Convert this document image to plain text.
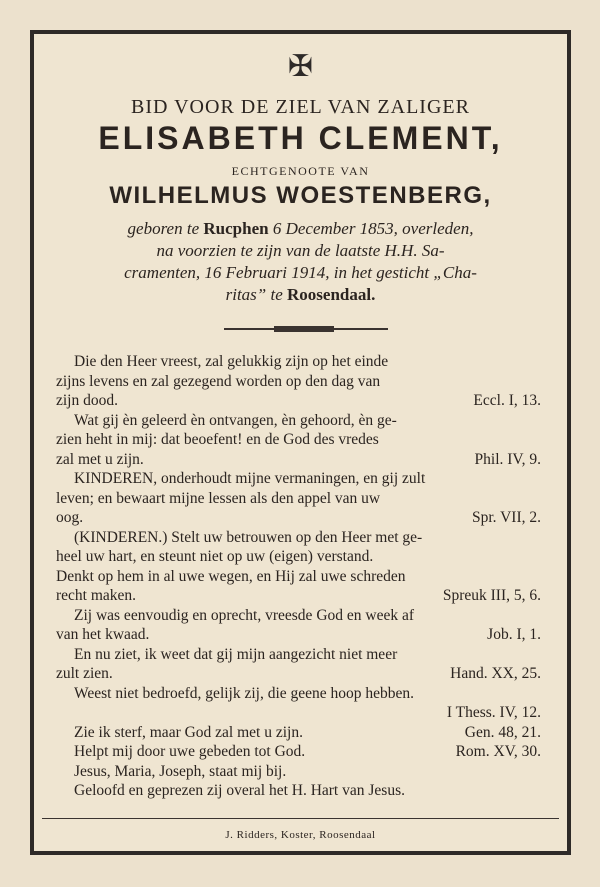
✠
BID VOOR DE ZIEL VAN ZALIGER
ELISABETH CLEMENT,
ECHTGENOOTE VAN
WILHELMUS WOESTENBERG,
geboren te Rucphen 6 December 1853, overleden,
na voorzien te zijn van de laatste H.H. Sa-
cramenten, 16 Februari 1914, in het gesticht „Cha-
ritas” te Roosendaal.
Die den Heer vreest, zal gelukkig zijn op het einde
zijns levens en zal gezegend worden op den dag van
zijn dood.	Eccl. I, 13.
Wat gij èn geleerd èn ontvangen, èn gehoord, èn ge-
zien heht in mij: dat beoefent! en de God des vredes
zal met u zijn.	Phil. IV, 9.
KINDEREN, onderhoudt mijne vermaningen, en gij zult
leven; en bewaart mijne lessen als den appel van uw
oog.	Spr. VII, 2.
(KINDEREN.) Stelt uw betrouwen op den Heer met ge-
heel uw hart, en steunt niet op uw (eigen) verstand.
Denkt op hem in al uwe wegen, en Hij zal uwe schreden
recht maken.	Spreuk III, 5, 6.
Zij was eenvoudig en oprecht, vreesde God en week af
van het kwaad.	Job. I, 1.
En nu ziet, ik weet dat gij mijn aangezicht niet meer
zult zien.	Hand. XX, 25.
Weest niet bedroefd, gelijk zij, die geene hoop hebben.
I Thess. IV, 12.
Zie ik sterf, maar God zal met u zijn.	Gen. 48, 21.
Helpt mij door uwe gebeden tot God.	Rom. XV, 30.
Jesus, Maria, Joseph, staat mij bij.
Geloofd en geprezen zij overal het H. Hart van Jesus.
J. Ridders, Koster, Roosendaal
